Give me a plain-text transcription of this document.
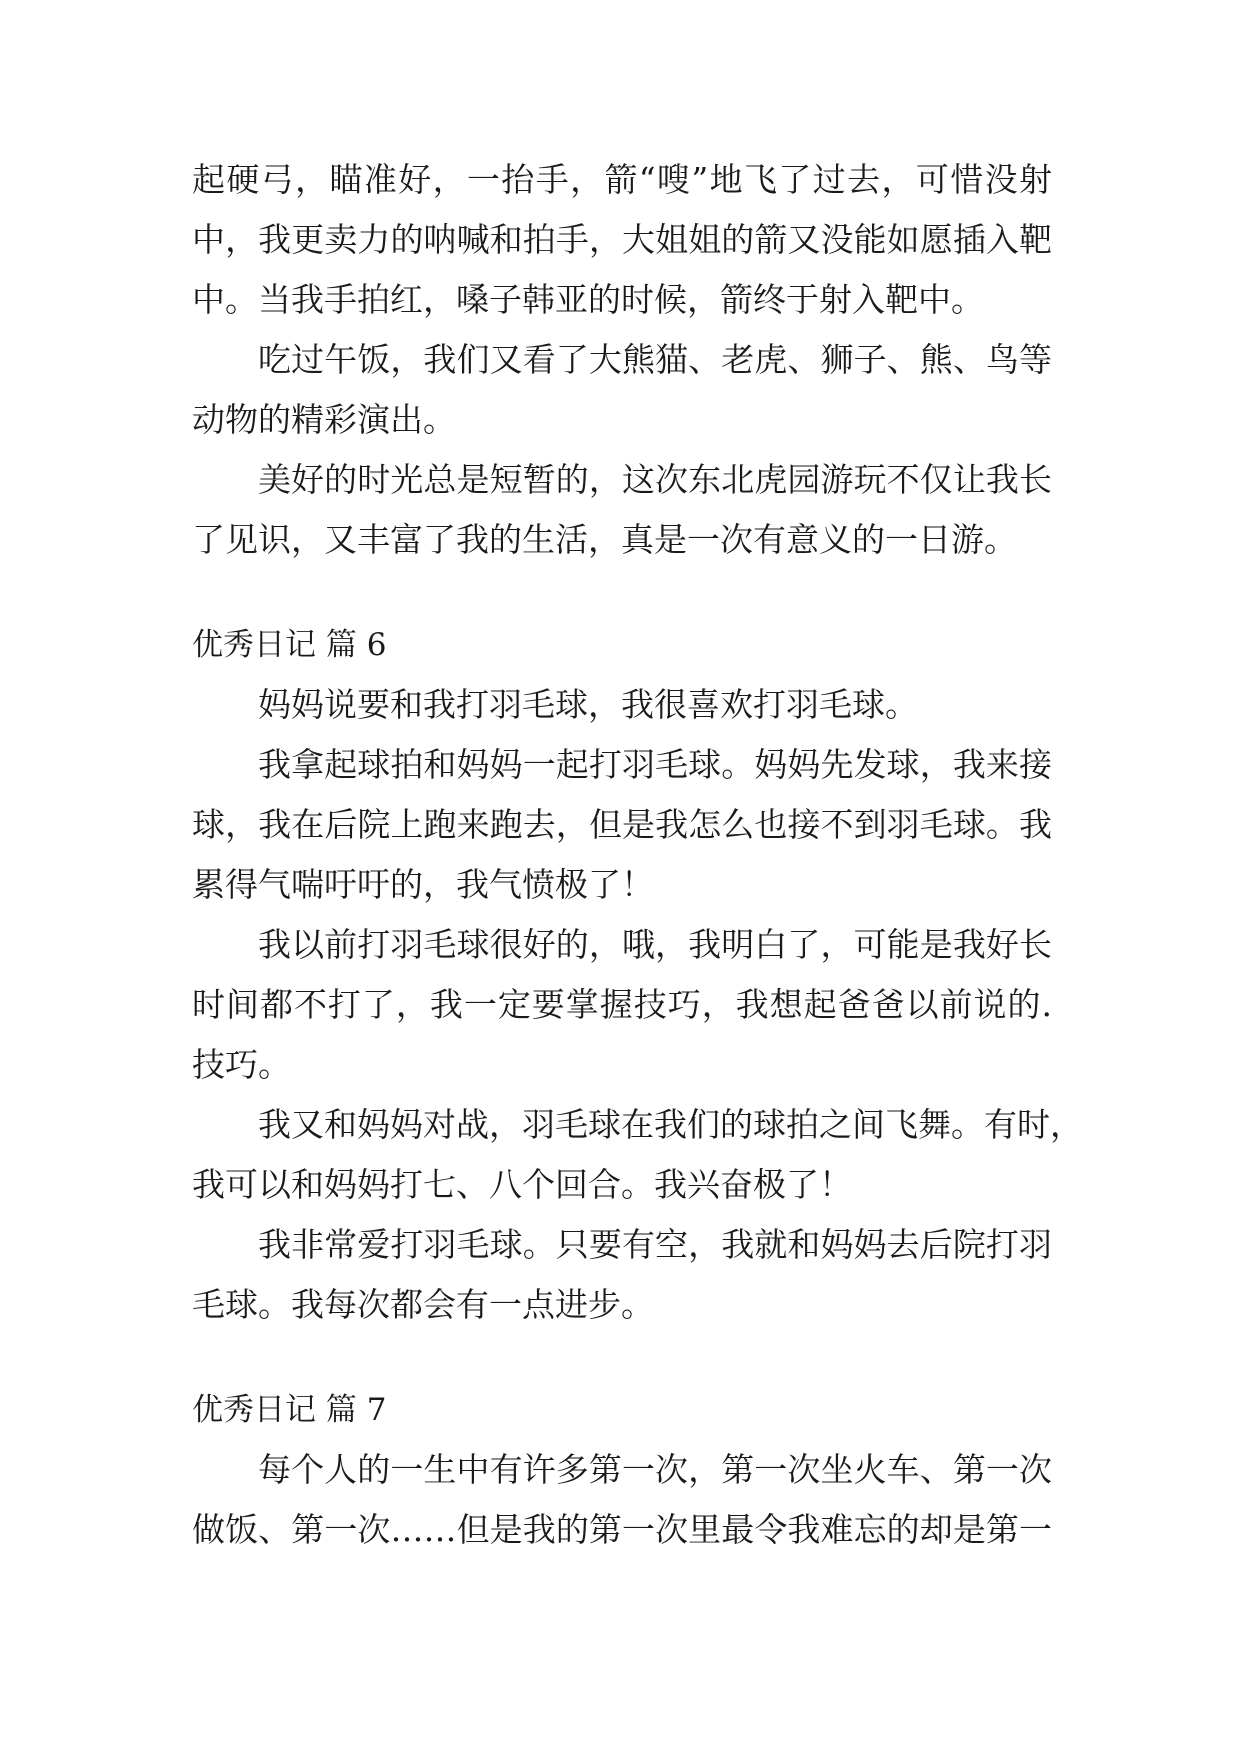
起硬弓，瞄准好，一抬手，箭“嗖”地飞了过去，可惜没射
中，我更卖力的呐喊和拍手，大姐姐的箭又没能如愿插入靶
中。当我手拍红，嗓子韩亚的时候，箭终于射入靶中。
吃过午饭，我们又看了大熊猫、老虎、狮子、熊、鸟等
动物的精彩演出。
美好的时光总是短暂的，这次东北虎园游玩不仅让我长
了见识，又丰富了我的生活，真是一次有意义的一日游。
优秀日记 篇 6
妈妈说要和我打羽毛球，我很喜欢打羽毛球。
我拿起球拍和妈妈一起打羽毛球。妈妈先发球，我来接
球，我在后院上跑来跑去，但是我怎么也接不到羽毛球。我
累得气喘吁吁的，我气愤极了！
我以前打羽毛球很好的，哦，我明白了，可能是我好长
时间都不打了，我一定要掌握技巧，我想起爸爸以前说的.
技巧。
我又和妈妈对战，羽毛球在我们的球拍之间飞舞。有时，
我可以和妈妈打七、八个回合。我兴奋极了！
我非常爱打羽毛球。只要有空，我就和妈妈去后院打羽
毛球。我每次都会有一点进步。
优秀日记 篇 7
每个人的一生中有许多第一次，第一次坐火车、第一次
做饭、第一次……但是我的第一次里最令我难忘的却是第一
